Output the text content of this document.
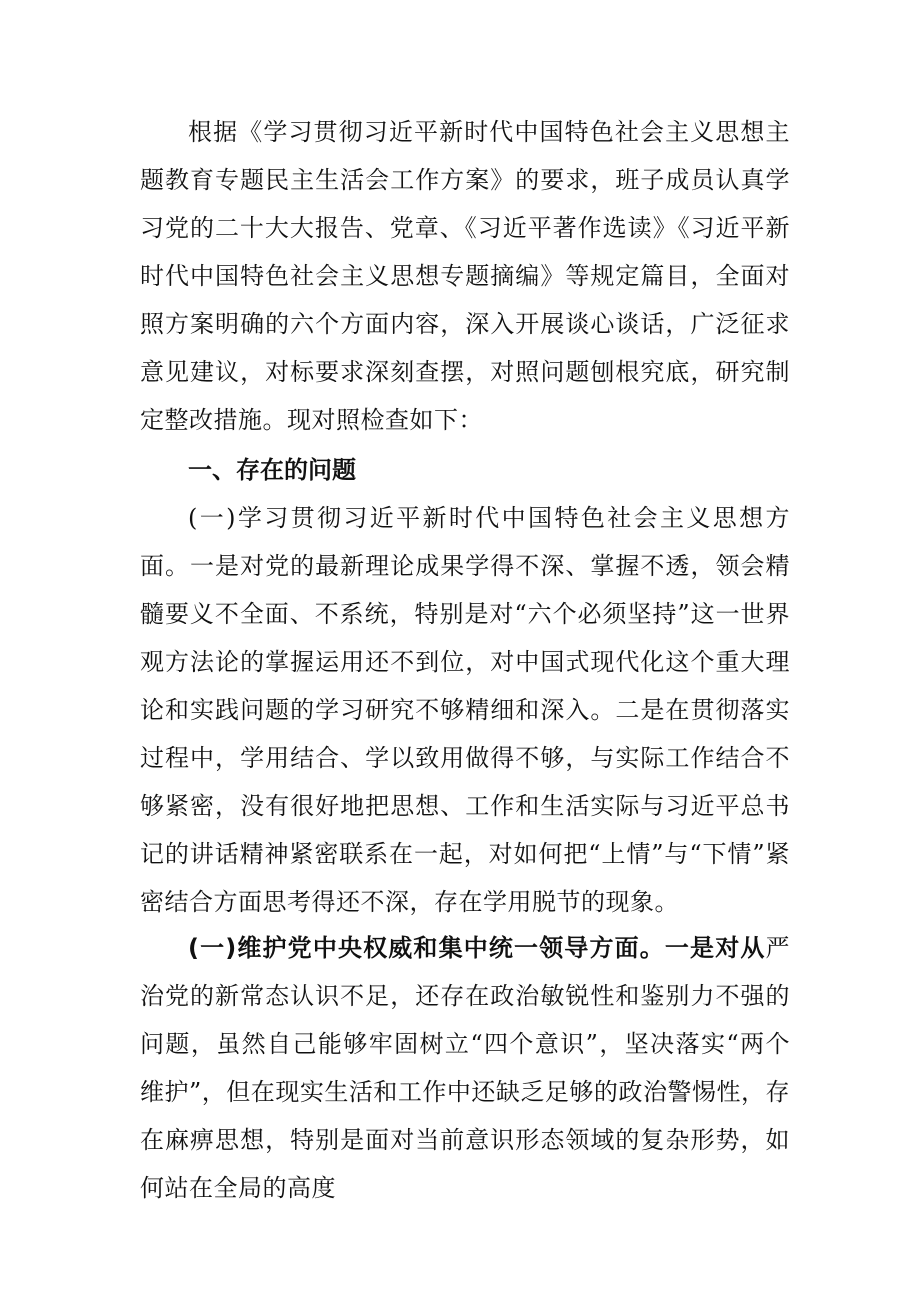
根据《学习贯彻习近平新时代中国特色社会主义思想主题教育专题民主生活会工作方案》的要求，班子成员认真学习党的二十大大报告、党章、《习近平著作选读》《习近平新时代中国特色社会主义思想专题摘编》等规定篇目，全面对照方案明确的六个方面内容，深入开展谈心谈话，广泛征求意见建议，对标要求深刻查摆，对照问题刨根究底，研究制定整改措施。现对照检查如下：

一、存在的问题

(一)学习贯彻习近平新时代中国特色社会主义思想方面。一是对党的最新理论成果学得不深、掌握不透，领会精髓要义不全面、不系统，特别是对“六个必须坚持”这一世界观方法论的掌握运用还不到位，对中国式现代化这个重大理论和实践问题的学习研究不够精细和深入。二是在贯彻落实过程中，学用结合、学以致用做得不够，与实际工作结合不够紧密，没有很好地把思想、工作和生活实际与习近平总书记的讲话精神紧密联系在一起，对如何把“上情”与“下情”紧密结合方面思考得还不深，存在学用脱节的现象。

(一)维护党中央权威和集中统一领导方面。一是对从严治党的新常态认识不足，还存在政治敏锐性和鉴别力不强的问题，虽然自己能够牢固树立“四个意识”，坚决落实“两个维护”，但在现实生活和工作中还缺乏足够的政治警惕性，存在麻痹思想，特别是面对当前意识形态领域的复杂形势，如何站在全局的高度
